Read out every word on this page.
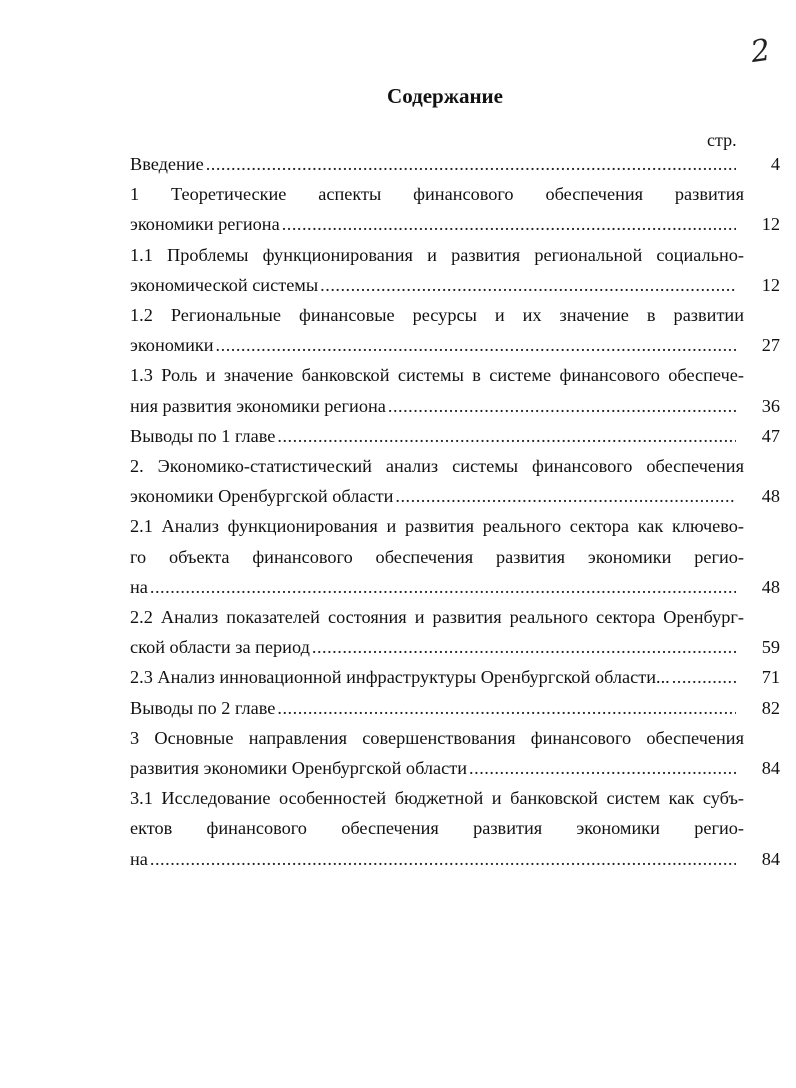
2
Содержание
стр.
Введение .....	4
1 Теоретические аспекты финансового обеспечения развития
экономики региона .....	12
1.1 Проблемы функционирования и развития региональной социально-
экономической системы .....	12
1.2 Региональные финансовые ресурсы и их значение в развитии
экономики .....	27
1.3 Роль и значение банковской системы в системе финансового обеспече-
ния развития экономики региона .....	36
Выводы по 1 главе .....	47
2. Экономико-статистический анализ системы финансового обеспечения
экономики Оренбургской области .....	48
2.1 Анализ функционирования и развития реального сектора как ключево-
го объекта финансового обеспечения развития экономики регио-
на .....	48
2.2 Анализ показателей состояния и развития реального сектора Оренбург-
ской области за период .....	59
2.3 Анализ инновационной инфраструктуры Оренбургской области... .....	71
Выводы по 2 главе .....	82
3 Основные направления совершенствования финансового обеспечения
развития экономики Оренбургской области .....	84
3.1 Исследование особенностей бюджетной и банковской систем как субъ-
ектов финансового обеспечения развития экономики регио-
на .....	84
